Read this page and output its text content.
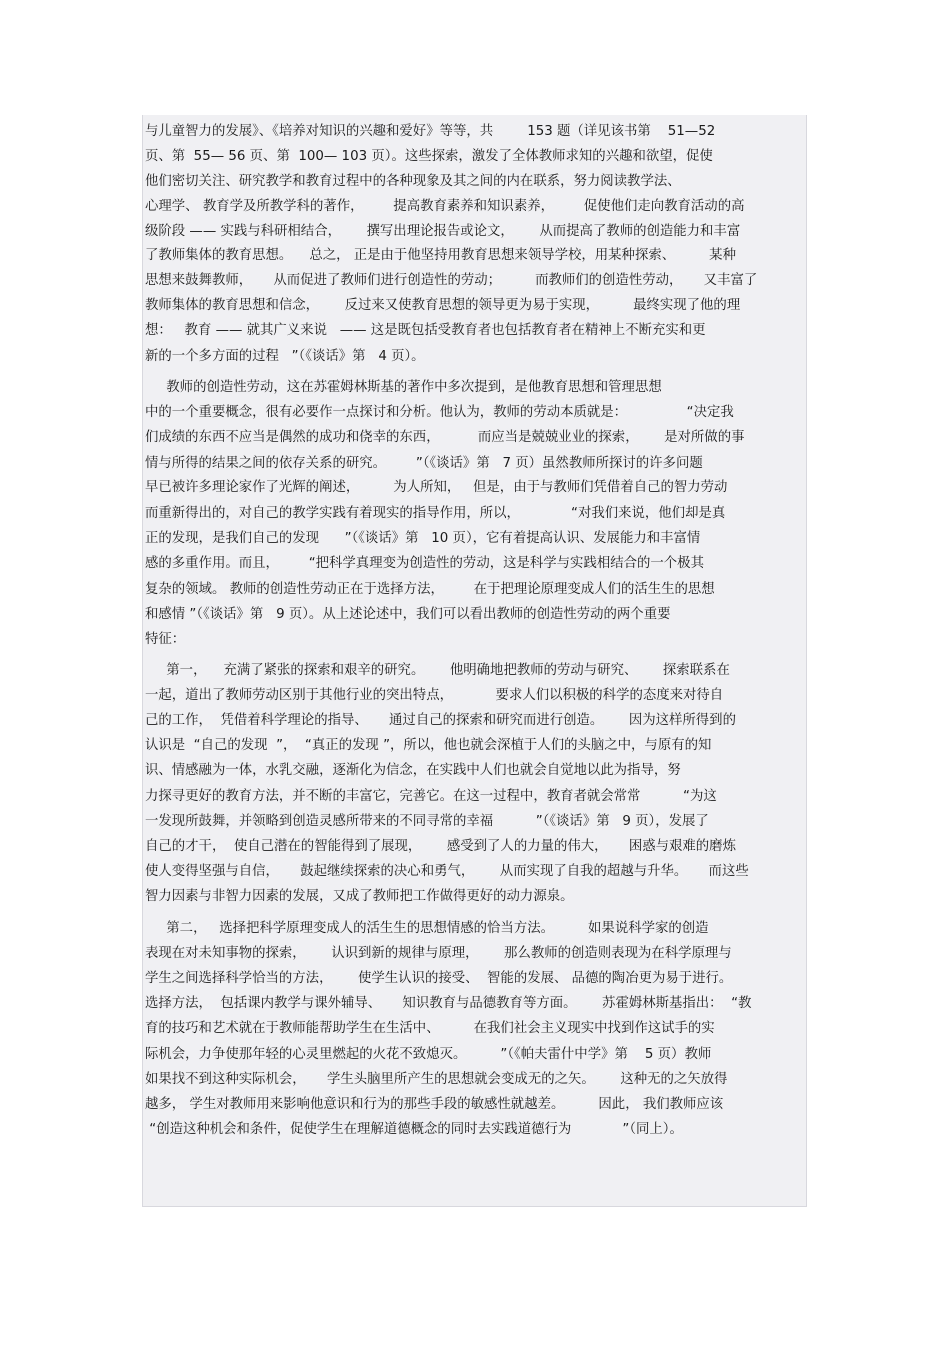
与儿童智力的发展》、《培养对知识的兴趣和爱好》等等，共        153 题（详见该书第    51—52
页、第  55— 56 页、第  100— 103 页）。这些探索，激发了全体教师求知的兴趣和欲望，促使
他们密切关注、研究教学和教育过程中的各种现象及其之间的内在联系，努力阅读教学法、
心理学、 教育学及所教学科的著作，       提高教育素养和知识素养，       促使他们走向教育活动的高
级阶段 —— 实践与科研相结合，      撰写出理论报告或论文，      从而提高了教师的创造能力和丰富
了教师集体的教育思想。    总之， 正是由于他坚持用教育思想来领导学校，用某种探索、        某种
思想来鼓舞教师，     从而促进了教师们进行创造性的劳动；        而教师们的创造性劳动，     又丰富了
教师集体的教育思想和信念，      反过来又使教育思想的领导更为易于实现，        最终实现了他的理
想：   教育 —— 就其广义来说   —— 这是既包括受教育者也包括教育者在精神上不断充实和更
新的一个多方面的过程   ”（《谈话》第   4 页）。
教师的创造性劳动，这在苏霍姆林斯基的著作中多次提到，是他教育思想和管理思想
中的一个重要概念，很有必要作一点探讨和分析。他认为，教师的劳动本质就是：              “决定我
们成绩的东西不应当是偶然的成功和侥幸的东西，         而应当是兢兢业业的探索，      是对所做的事
情与所得的结果之间的依存关系的研究。       ”（《谈话》第   7 页）虽然教师所探讨的许多问题
早已被许多理论家作了光辉的阐述，        为人所知，   但是，由于与教师们凭借着自己的智力劳动
而重新得出的，对自己的教学实践有着现实的指导作用，所以，            “对我们来说，他们却是真
正的发现，是我们自己的发现      ”（《谈话》第   10 页），它有着提高认识、发展能力和丰富情
感的多重作用。而且，       “把科学真理变为创造性的劳动，这是科学与实践相结合的一个极其
复杂的领域。 教师的创造性劳动正在于选择方法，       在于把理论原理变成人们的活生生的思想
和感情 ”（《谈话》第   9 页）。从上述论述中，我们可以看出教师的创造性劳动的两个重要
特征：
第一，    充满了紧张的探索和艰辛的研究。      他明确地把教师的劳动与研究、      探索联系在
一起，道出了教师劳动区别于其他行业的突出特点，          要求人们以积极的科学的态度来对待自
己的工作，  凭借着科学理论的指导、     通过自己的探索和研究而进行创造。      因为这样所得到的
认识是  “自己的发现  ”，  “真正的发现 ”，所以，他也就会深植于人们的头脑之中，与原有的知
识、情感融为一体，水乳交融，逐渐化为信念，在实践中人们也就会自觉地以此为指导，努
力探寻更好的教育方法，并不断的丰富它，完善它。在这一过程中，教育者就会常常          “为这
一发现所鼓舞，并领略到创造灵感所带来的不同寻常的幸福          ”（《谈话》第   9 页），发展了
自己的才干，  使自己潜在的智能得到了展现，      感受到了人的力量的伟大，     困惑与艰难的磨炼
使人变得坚强与自信，     鼓起继续探索的决心和勇气，      从而实现了自我的超越与升华。     而这些
智力因素与非智力因素的发展，又成了教师把工作做得更好的动力源泉。
第二，   选择把科学原理变成人的活生生的思想情感的恰当方法。        如果说科学家的创造
表现在对未知事物的探索，      认识到新的规律与原理，      那么教师的创造则表现为在科学原理与
学生之间选择科学恰当的方法，      使学生认识的接受、  智能的发展、 品德的陶冶更为易于进行。
选择方法，  包括课内教学与课外辅导、     知识教育与品德教育等方面。      苏霍姆林斯基指出：  “教
育的技巧和艺术就在于教师能帮助学生在生活中、        在我们社会主义现实中找到作这试手的实
际机会，力争使那年轻的心灵里燃起的火花不致熄灭。        ”（《帕夫雷什中学》第    5 页）教师
如果找不到这种实际机会，     学生头脑里所产生的思想就会变成无的之矢。      这种无的之矢放得
越多， 学生对教师用来影响他意识和行为的那些手段的敏感性就越差。        因此， 我们教师应该
“创造这种机会和条件，促使学生在理解道德概念的同时去实践道德行为            ”（同上）。
